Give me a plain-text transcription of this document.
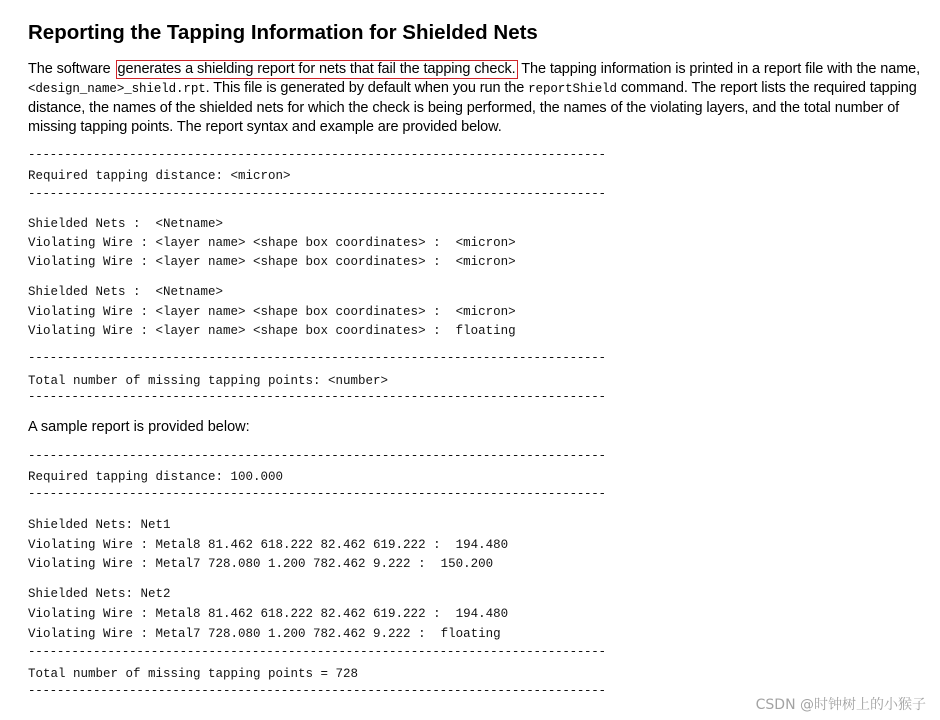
Reporting the Tapping Information for Shielded Nets

The software generates a shielding report for nets that fail the tapping check. The tapping information is printed in a report file with the name, <design_name>_shield.rpt. This file is generated by default when you run the reportShield command. The report lists the required tapping distance, the names of the shielded nets for which the check is being performed, the names of the violating layers, and the total number of missing tapping points. The report syntax and example are provided below.

--------------------------------------------------------------------------------
Required tapping distance: <micron>
--------------------------------------------------------------------------------
Shielded Nets :  <Netname>
Violating Wire : <layer name> <shape box coordinates> :  <micron>
Violating Wire : <layer name> <shape box coordinates> :  <micron>
Shielded Nets :  <Netname>
Violating Wire : <layer name> <shape box coordinates> :  <micron>
Violating Wire : <layer name> <shape box coordinates> :  floating
--------------------------------------------------------------------------------
Total number of missing tapping points: <number>
--------------------------------------------------------------------------------

A sample report is provided below:

--------------------------------------------------------------------------------
Required tapping distance: 100.000
--------------------------------------------------------------------------------
Shielded Nets: Net1
Violating Wire : Metal8 81.462 618.222 82.462 619.222 :  194.480
Violating Wire : Metal7 728.080 1.200 782.462 9.222 :  150.200
Shielded Nets: Net2
Violating Wire : Metal8 81.462 618.222 82.462 619.222 :  194.480
Violating Wire : Metal7 728.080 1.200 782.462 9.222 :  floating
--------------------------------------------------------------------------------
Total number of missing tapping points = 728
--------------------------------------------------------------------------------
CSDN @时钟树上的小猴子
